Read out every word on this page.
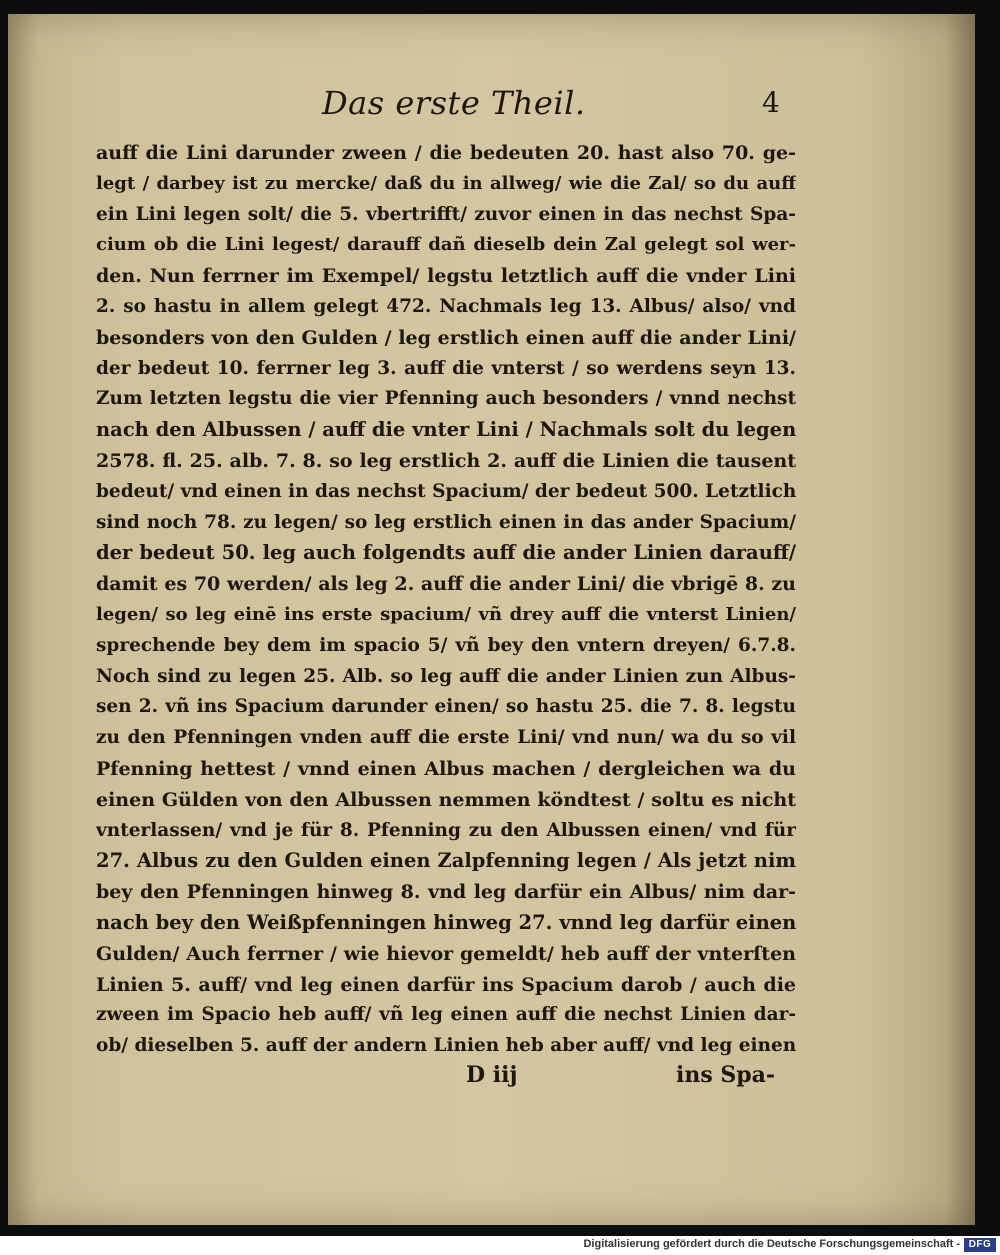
Das erste Theil.	4
auff die Lini darunder zween / die bedeuten 20. hast also 70. ge-
legt / darbey ist zu mercke/ daß du in allweg/ wie die Zal/ so du auff
ein Lini legen solt/ die 5. vbertrifft/ zuvor einen in das nechst Spa-
cium ob die Lini legest/ darauff dañ dieselb dein Zal gelegt sol wer-
den. Nun ferrner im Exempel/ legstu letztlich auff die vnder Lini
2. so hastu in allem gelegt 472. Nachmals leg 13. Albus/ also/ vnd
besonders von den Gulden / leg erstlich einen auff die ander Lini/
der bedeut 10. ferrner leg 3. auff die vnterst / so werdens seyn 13.
Zum letzten legstu die vier Pfenning auch besonders / vnnd nechst
nach den Albussen / auff die vnter Lini / Nachmals solt du legen
2578. fl. 25. alb. 7. 8. so leg erstlich 2. auff die Linien die tausent
bedeut/ vnd einen in das nechst Spacium/ der bedeut 500. Letztlich
sind noch 78. zu legen/ so leg erstlich einen in das ander Spacium/
der bedeut 50. leg auch folgendts auff die ander Linien darauff/
damit es 70 werden/ als leg 2. auff die ander Lini/ die vbrigē 8. zu
legen/ so leg einē ins erste spacium/ vñ drey auff die vnterst Linien/
sprechende bey dem im spacio 5/ vñ bey den vntern dreyen/ 6.7.8.
Noch sind zu legen 25. Alb. so leg auff die ander Linien zun Albus-
sen 2. vñ ins Spacium darunder einen/ so hastu 25. die 7. 8. legstu
zu den Pfenningen vnden auff die erste Lini/ vnd nun/ wa du so vil
Pfenning hettest / vnnd einen Albus machen / dergleichen wa du
einen Gülden von den Albussen nemmen köndtest / soltu es nicht
vnterlassen/ vnd je für 8. Pfenning zu den Albussen einen/ vnd für
27. Albus zu den Gulden einen Zalpfenning legen / Als jetzt nim
bey den Pfenningen hinweg 8. vnd leg darfür ein Albus/ nim dar-
nach bey den Weißpfenningen hinweg 27. vnnd leg darfür einen
Gulden/ Auch ferrner / wie hievor gemeldt/ heb auff der vnterſten
Linien 5. auff/ vnd leg einen darfür ins Spacium darob / auch die
zween im Spacio heb auff/ vñ leg einen auff die nechst Linien dar-
ob/ dieselben 5. auff der andern Linien heb aber auff/ vnd leg einen
D iij	ins Spa-
Digitalisierung gefördert durch die Deutsche Forschungsgemeinschaft - DFG
